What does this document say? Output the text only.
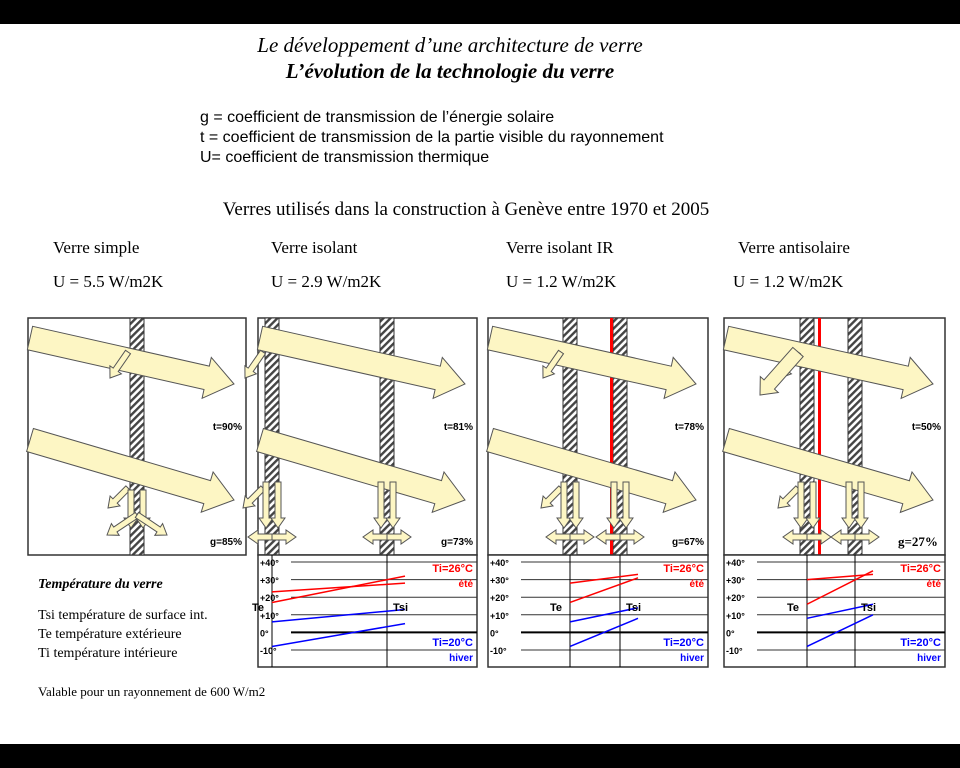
Le développement d’une architecture de verre
L’évolution de la technologie du verre
g = coefficient de transmission de l’énergie solaire
t = coefficient de transmission de la partie visible du rayonnement
U= coefficient de transmission thermique
Verres utilisés dans la construction à Genève entre 1970 et 2005
Verre simple	Verre isolant	Verre isolant IR	Verre antisolaire
U = 5.5 W/m2K	U = 2.9 W/m2K	U = 1.2 W/m2K	U = 1.2 W/m2K
t=90%
g=85%
t=81%
g=73%
+40°
+30°
+20°
+10°
0°
-10°
Ti=26°C
été
Ti=20°C
hiver
Te	Tsi
t=78%
g=67%
+40°
+30°
+20°
+10°
0°
-10°
Ti=26°C
été
Ti=20°C
hiver
Te	Tsi
t=50%
+40°
+30°
+20°
+10°
0°
-10°
Ti=26°C
été
Ti=20°C
hiver
Te	Tsi
g=27%
Température du verre
Tsi température de surface int.
Te température extérieure
Ti température intérieure
Valable pour un rayonnement de 600 W/m2
